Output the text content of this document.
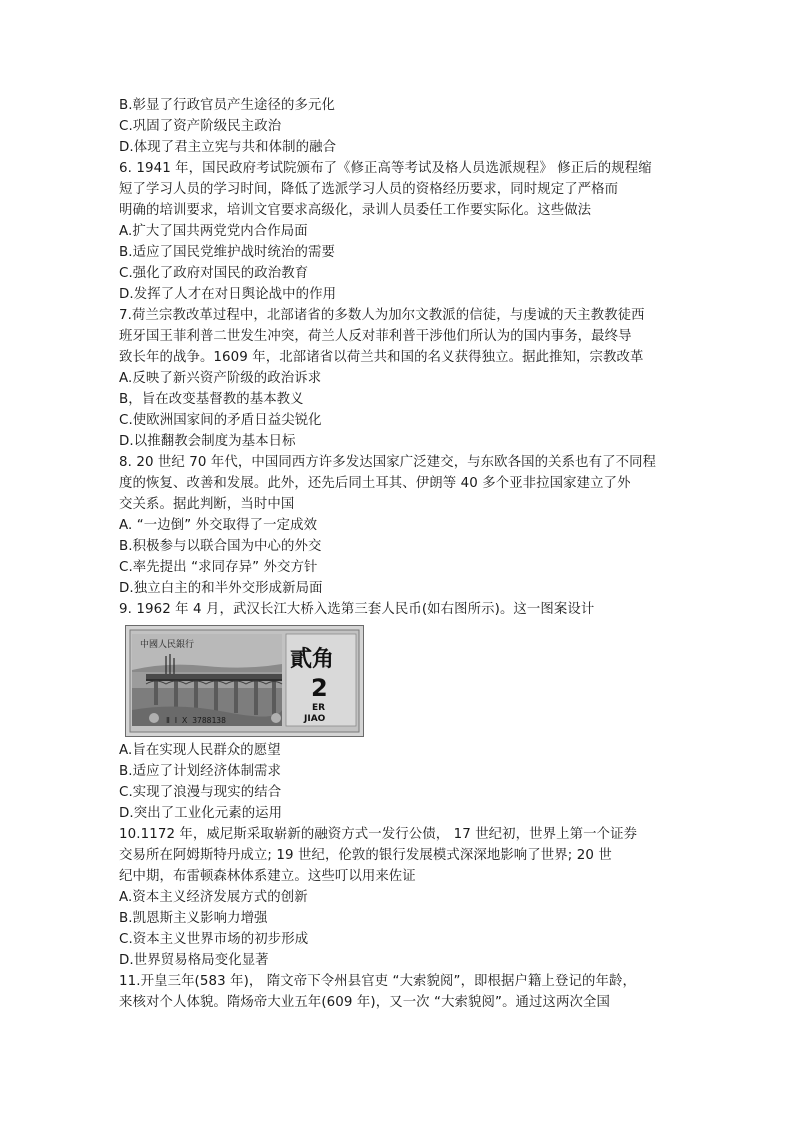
B.彰显了行政官员产生途径的多元化
C.巩固了资产阶级民主政治
D.体现了君主立宪与共和体制的融合
6. 1941 年，国民政府考试院颁布了《修正高等考试及格人员选派规程》 修正后的规程缩
短了学习人员的学习时间，降低了选派学习人员的资格经历要求，同时规定了严格而
明确的培训要求，培训文官要求高级化，录训人员委任工作要实际化。这些做法
A.扩大了国共两党党内合作局面
B.适应了国民党维护战时统治的需要
C.强化了政府对国民的政治教育
D.发挥了人才在对日舆论战中的作用
7.荷兰宗教改革过程中，北部诸省的多数人为加尔文教派的信徒，与虔诚的天主教教徒西
班牙国王菲利普二世发生冲突，荷兰人反对菲利普干涉他们所认为的国内事务，最终导
致长年的战争。1609 年，北部诸省以荷兰共和国的名义获得独立。据此推知，宗教改革
A.反映了新兴资产阶级的政治诉求
B，旨在改变基督教的基本教义
C.使欧洲国家间的矛盾日益尖锐化
D.以推翻教会制度为基本日标
8. 20 世纪 70 年代，中国同西方许多发达国家广泛建交，与东欧各国的关系也有了不同程
度的恢复、改善和发展。此外，还先后同土耳其、伊朗等 40 多个亚非拉国家建立了外
交关系。据此判断，当时中国
A. “一边倒” 外交取得了一定成效
B.积极参与以联合国为中心的外交
C.率先提出 “求同存异” 外交方针
D.独立白主的和半外交形成新局面
9. 1962 年 4 月，武汉长江大桥入选第三套人民币(如右图所示)。这一图案设计
中國人民銀行
貳角
2
ER
JIAO
Ⅱ Ⅰ Ⅹ 3788138
A.旨在实现人民群众的愿望
B.适应了计划经济体制需求
C.实现了浪漫与现实的结合
D.突出了工业化元素的运用
10.1172 年，威尼斯采取崭新的融资方式一发行公债， 17 世纪初，世界上第一个证券
交易所在阿姆斯特丹成立; 19 世纪，伦敦的银行发展模式深深地影响了世界; 20 世
纪中期，布雷顿森林体系建立。这些叮以用来佐证
A.资本主义经济发展方式的创新
B.凯恩斯主义影响力增强
C.资本主义世界市场的初步形成
D.世界贸易格局变化显著
11.开皇三年(583 年)， 隋文帝下令州县官吏 “大索貌阅”，即根据户籍上登记的年龄，
来核对个人体貌。隋炀帝大业五年(609 年)，又一次 “大索貌阅”。通过这两次全国
